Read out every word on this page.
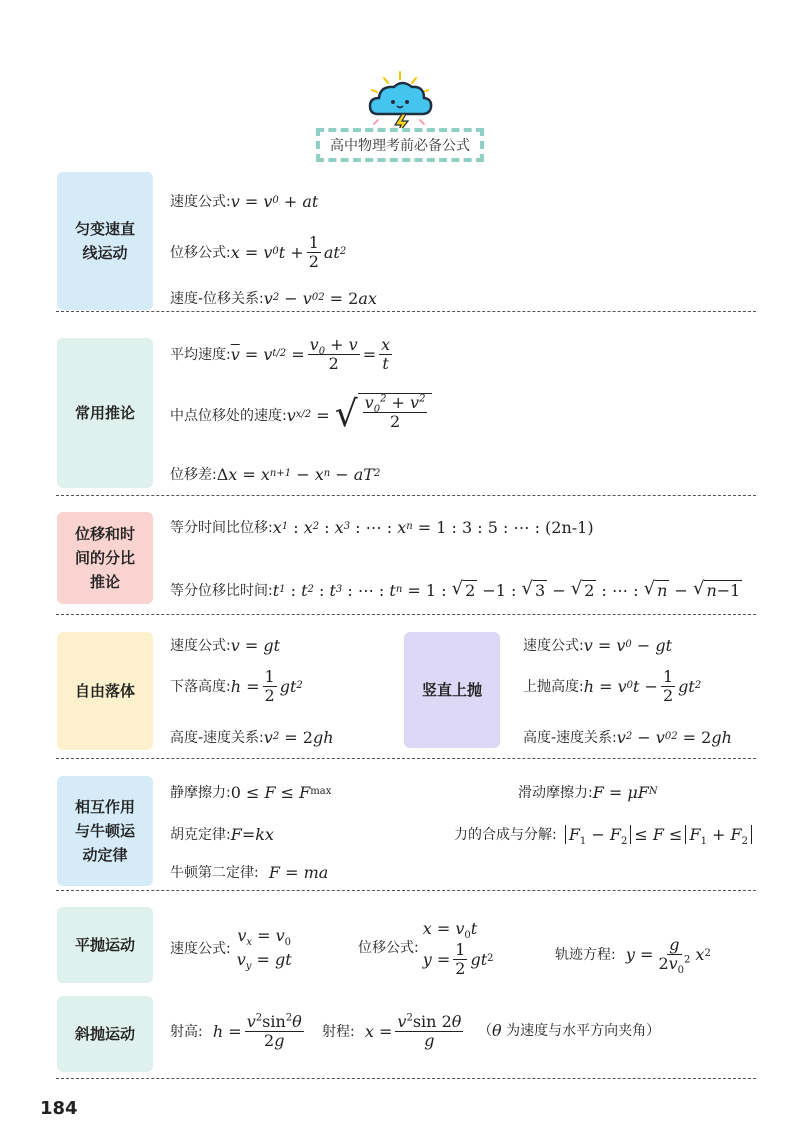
高中物理考前必备公式
匀变速直
线运动
速度公式: v = v 0 + at
位移公式: x = v 0 $t + \frac{1}{2}$ at 2
速度-位移关系: v 2 − v 0 2 = 2 ax
常用推论
平均速度: $\overline{v} = v$ $t/2 = \frac{v_0 + v}{2} = \frac{x}{t}$
中点位移处的速度: v x/2 = √ $\frac{v_0^2 + v^2}{2}$
位移差: Δ x = x n+1 − x n − aT 2
位移和时
间的分比
推论
等分时间比位移: x 1 : x 2 : x 3 : ⋯ : x n = 1 : 3 : 5 : ⋯ : (2n-1)
等分位移比时间: t 1 : t 2 : t 3 : ⋯ : t n = 1 : √ 2 −1 : √ 3 − √ 2 : ⋯ : √ n − √ n−1
自由落体
速度公式: v = gt
下落高度: $h = \frac{1}{2}$ gt 2
高度-速度关系: v 2 = 2 gh
竖直上抛
速度公式: v = v 0 − gt
上抛高度: h = v 0 $t - \frac{1}{2}$ gt 2
高度-速度关系: v 2 − v 0 2 = 2 gh
相互作用
与牛顿运
动定律
静摩擦力: 0 ≤ F ≤ F max	滑动摩擦力: F = μF N
胡克定律: F=kx	力的合成与分解:
$F_1 - F_2 \le F \le F_1 + F_2$
牛顿第二定律: F = ma
平抛运动	速度公式:
$v_x = v_0$
$v_y$ = gt
位移公式:
$x = v_0t$
$y = \frac{1}{2}$ gt 2	轨迹方程: $y = \frac{g}{2v_0^2}$ x 2
斜抛运动	射高: $h = \frac{v^2\sin^2\theta}{2g}$ 射程: $x = \frac{v^2\sin 2\theta}{g}$ （ θ
为速度与水平方向夹角）
184
